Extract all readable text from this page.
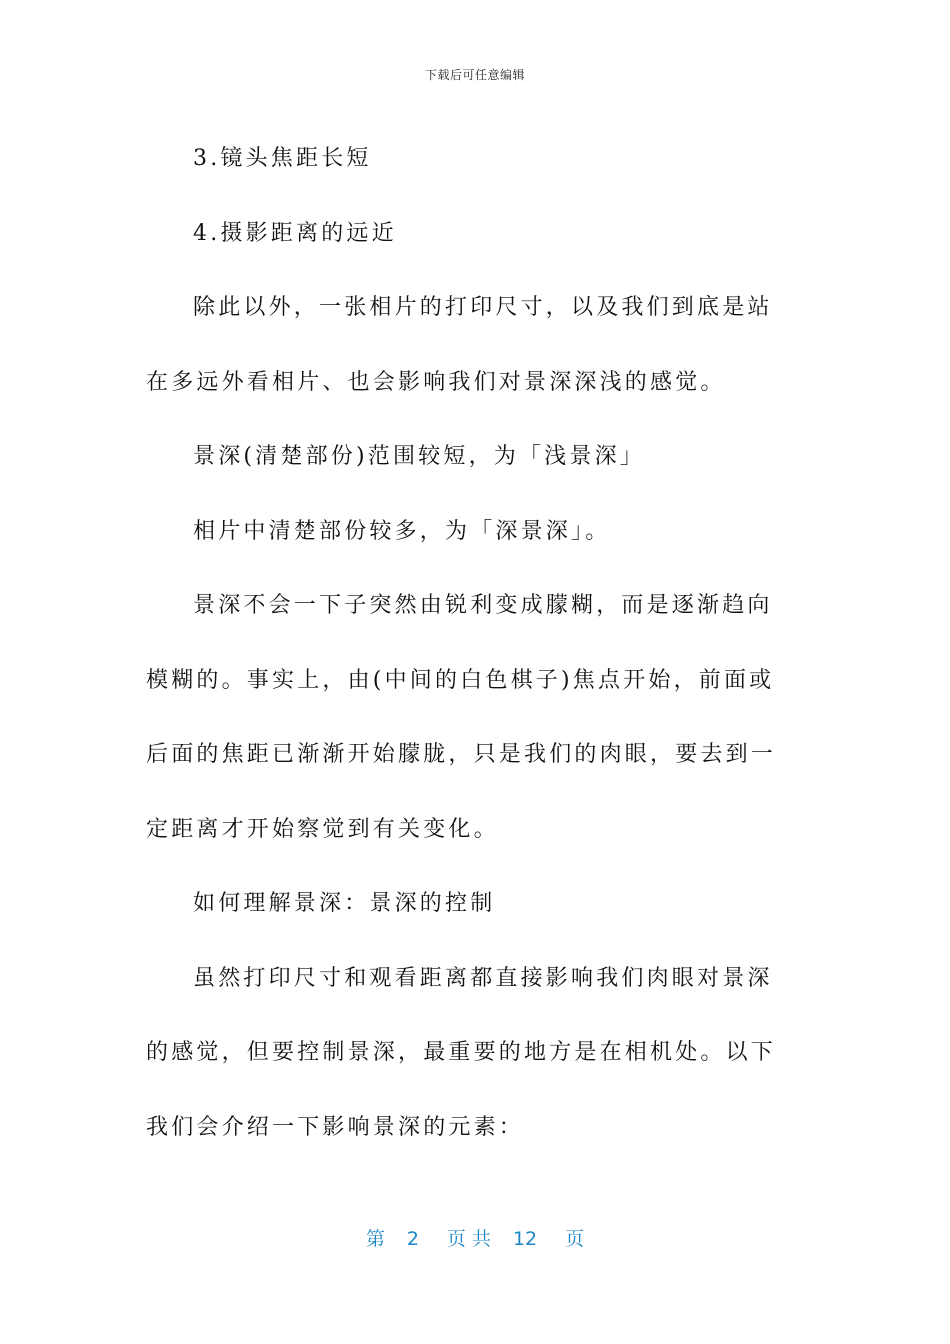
下载后可任意编辑

3.镜头焦距长短

4.摄影距离的远近

除此以外，一张相片的打印尺寸，以及我们到底是站在多远外看相片、也会影响我们对景深深浅的感觉。

景深(清楚部份)范围较短，为「浅景深」

相片中清楚部份较多，为「深景深」。

景深不会一下子突然由锐利变成朦糊，而是逐渐趋向模糊的。事实上，由(中间的白色棋子)焦点开始，前面或后面的焦距已渐渐开始朦胧，只是我们的肉眼，要去到一定距离才开始察觉到有关变化。

如何理解景深：景深的控制

虽然打印尺寸和观看距离都直接影响我们肉眼对景深的感觉，但要控制景深，最重要的地方是在相机处。以下我们会介绍一下影响景深的元素：

第 2 页 共 12 页
